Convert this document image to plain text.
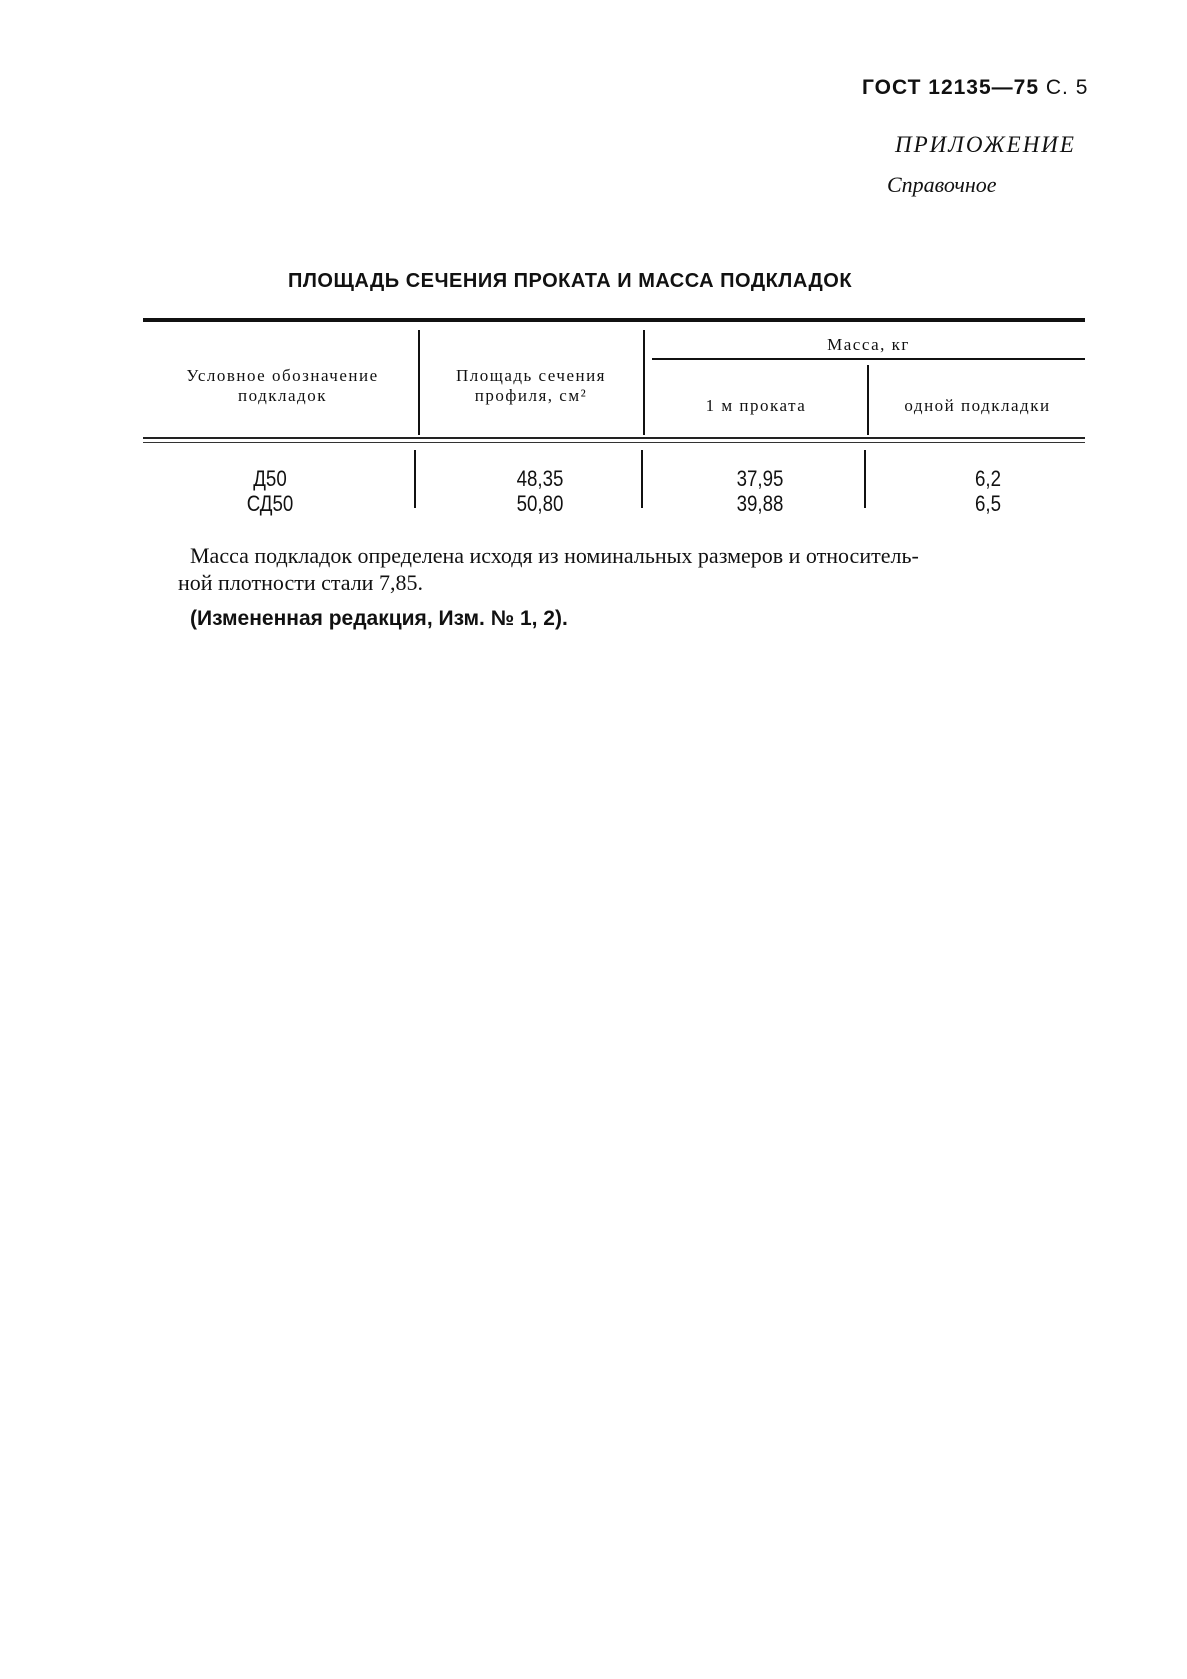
ГОСТ 12135—75 С. 5
ПРИЛОЖЕНИЕ
Справочное
ПЛОЩАДЬ СЕЧЕНИЯ ПРОКАТА И МАССА ПОДКЛАДОК
Условное обозначение
подкладок
Площадь сечения
профиля, см²
Масса, кг
1 м проката	одной подкладки
Д50
СД50
48,35
50,80
37,95
39,88
6,2
6,5
Масса подкладок определена исходя из номинальных размеров и относитель-
ной плотности стали 7,85.
(Измененная редакция, Изм. № 1, 2).
